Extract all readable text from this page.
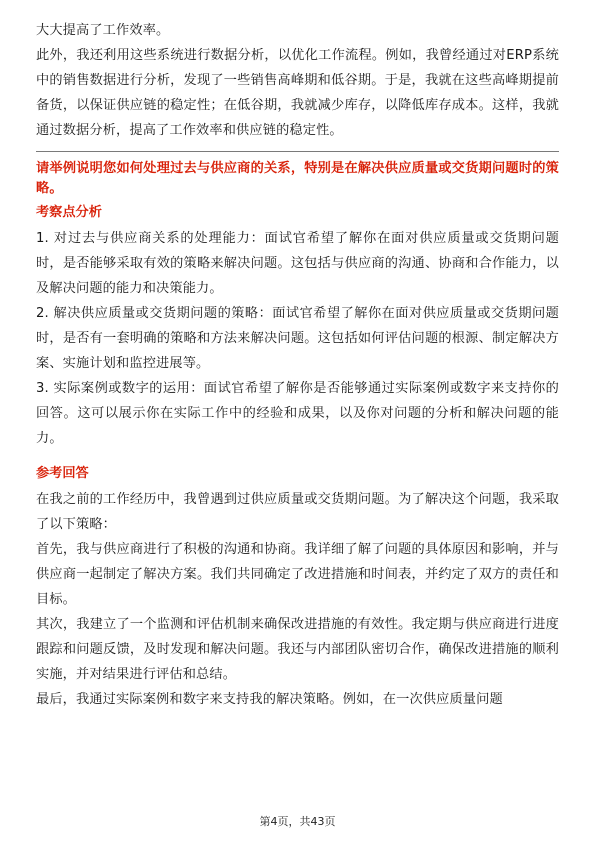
大大提高了工作效率。

此外，我还利用这些系统进行数据分析，以优化工作流程。例如，我曾经通过对ERP系统中的销售数据进行分析，发现了一些销售高峰期和低谷期。于是，我就在这些高峰期提前备货，以保证供应链的稳定性；在低谷期，我就减少库存，以降低库存成本。这样，我就通过数据分析，提高了工作效率和供应链的稳定性。

请举例说明您如何处理过去与供应商的关系，特别是在解决供应质量或交货期问题时的策略。

考察点分析

1. 对过去与供应商关系的处理能力：面试官希望了解你在面对供应质量或交货期问题时，是否能够采取有效的策略来解决问题。这包括与供应商的沟通、协商和合作能力，以及解决问题的能力和决策能力。

2. 解决供应质量或交货期问题的策略：面试官希望了解你在面对供应质量或交货期问题时，是否有一套明确的策略和方法来解决问题。这包括如何评估问题的根源、制定解决方案、实施计划和监控进展等。

3. 实际案例或数字的运用：面试官希望了解你是否能够通过实际案例或数字来支持你的回答。这可以展示你在实际工作中的经验和成果，以及你对问题的分析和解决问题的能力。

参考回答

在我之前的工作经历中，我曾遇到过供应质量或交货期问题。为了解决这个问题，我采取了以下策略：

首先，我与供应商进行了积极的沟通和协商。我详细了解了问题的具体原因和影响，并与供应商一起制定了解决方案。我们共同确定了改进措施和时间表，并约定了双方的责任和目标。

其次，我建立了一个监测和评估机制来确保改进措施的有效性。我定期与供应商进行进度跟踪和问题反馈，及时发现和解决问题。我还与内部团队密切合作，确保改进措施的顺利实施，并对结果进行评估和总结。

最后，我通过实际案例和数字来支持我的解决策略。例如，在一次供应质量问题

第4页，共43页
